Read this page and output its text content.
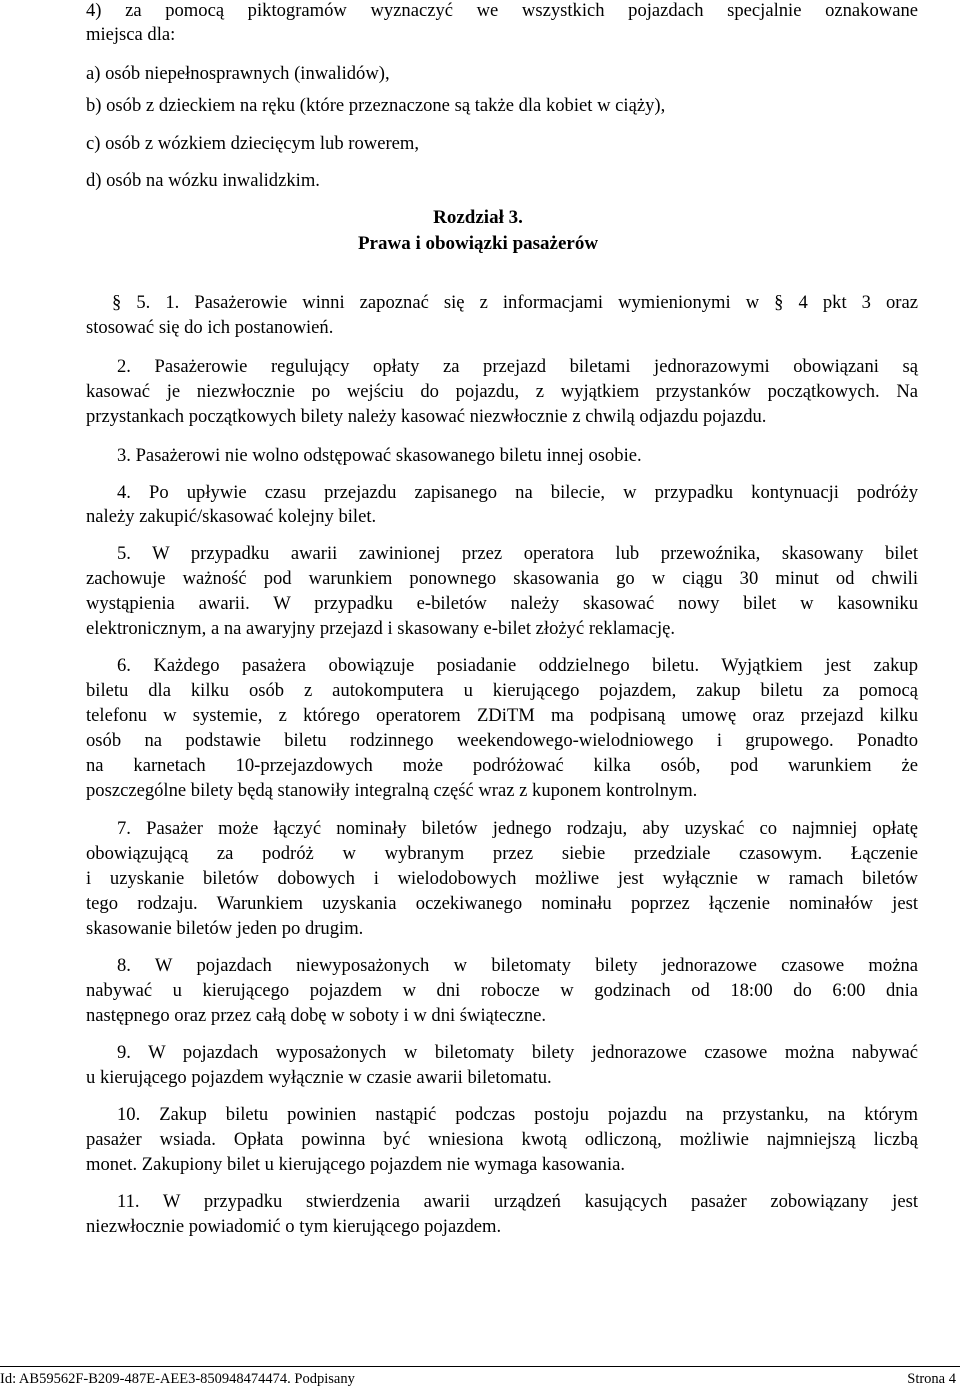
4) za pomocą piktogramów wyznaczyć we wszystkich pojazdach specjalnie oznakowane
miejsca dla:
a) osób niepełnosprawnych (inwalidów),
b) osób z dzieckiem na ręku (które przeznaczone są także dla kobiet w ciąży),
c) osób z wózkiem dziecięcym lub rowerem,
d) osób na wózku inwalidzkim.
Rozdział 3.
Prawa i obowiązki pasażerów
§ 5. 1. Pasażerowie winni zapoznać się z informacjami wymienionymi w § 4 pkt 3 oraz
stosować się do ich postanowień.
2. Pasażerowie regulujący opłaty za przejazd biletami jednorazowymi obowiązani są
kasować je niezwłocznie po wejściu do pojazdu, z wyjątkiem przystanków początkowych. Na
przystankach początkowych bilety należy kasować niezwłocznie z chwilą odjazdu pojazdu.
3. Pasażerowi nie wolno odstępować skasowanego biletu innej osobie.
4. Po upływie czasu przejazdu zapisanego na bilecie, w przypadku kontynuacji podróży
należy zakupić/skasować kolejny bilet.
5. W przypadku awarii zawinionej przez operatora lub przewoźnika, skasowany bilet
zachowuje ważność pod warunkiem ponownego skasowania go w ciągu 30 minut od chwili
wystąpienia awarii. W przypadku e-biletów należy skasować nowy bilet w kasowniku
elektronicznym, a na awaryjny przejazd i skasowany e-bilet złożyć reklamację.
6. Każdego pasażera obowiązuje posiadanie oddzielnego biletu. Wyjątkiem jest zakup
biletu dla kilku osób z autokomputera u kierującego pojazdem, zakup biletu za pomocą
telefonu w systemie, z którego operatorem ZDiTM ma podpisaną umowę oraz przejazd kilku
osób na podstawie biletu rodzinnego weekendowego-wielodniowego i grupowego. Ponadto
na karnetach 10-przejazdowych może podróżować kilka osób, pod warunkiem że
poszczególne bilety będą stanowiły integralną część wraz z kuponem kontrolnym.
7. Pasażer może łączyć nominały biletów jednego rodzaju, aby uzyskać co najmniej opłatę
obowiązującą za podróż w wybranym przez siebie przedziale czasowym. Łączenie
i uzyskanie biletów dobowych i wielodobowych możliwe jest wyłącznie w ramach biletów
tego rodzaju. Warunkiem uzyskania oczekiwanego nominału poprzez łączenie nominałów jest
skasowanie biletów jeden po drugim.
8. W pojazdach niewyposażonych w biletomaty bilety jednorazowe czasowe można
nabywać u kierującego pojazdem w dni robocze w godzinach od 18:00 do 6:00 dnia
następnego oraz przez całą dobę w soboty i w dni świąteczne.
9. W pojazdach wyposażonych w biletomaty bilety jednorazowe czasowe można nabywać
u kierującego pojazdem wyłącznie w czasie awarii biletomatu.
10. Zakup biletu powinien nastąpić podczas postoju pojazdu na przystanku, na którym
pasażer wsiada. Opłata powinna być wniesiona kwotą odliczoną, możliwie najmniejszą liczbą
monet. Zakupiony bilet u kierującego pojazdem nie wymaga kasowania.
11. W przypadku stwierdzenia awarii urządzeń kasujących pasażer zobowiązany jest
niezwłocznie powiadomić o tym kierującego pojazdem.
Id: AB59562F-B209-487E-AEE3-850948474474. Podpisany	Strona 4
